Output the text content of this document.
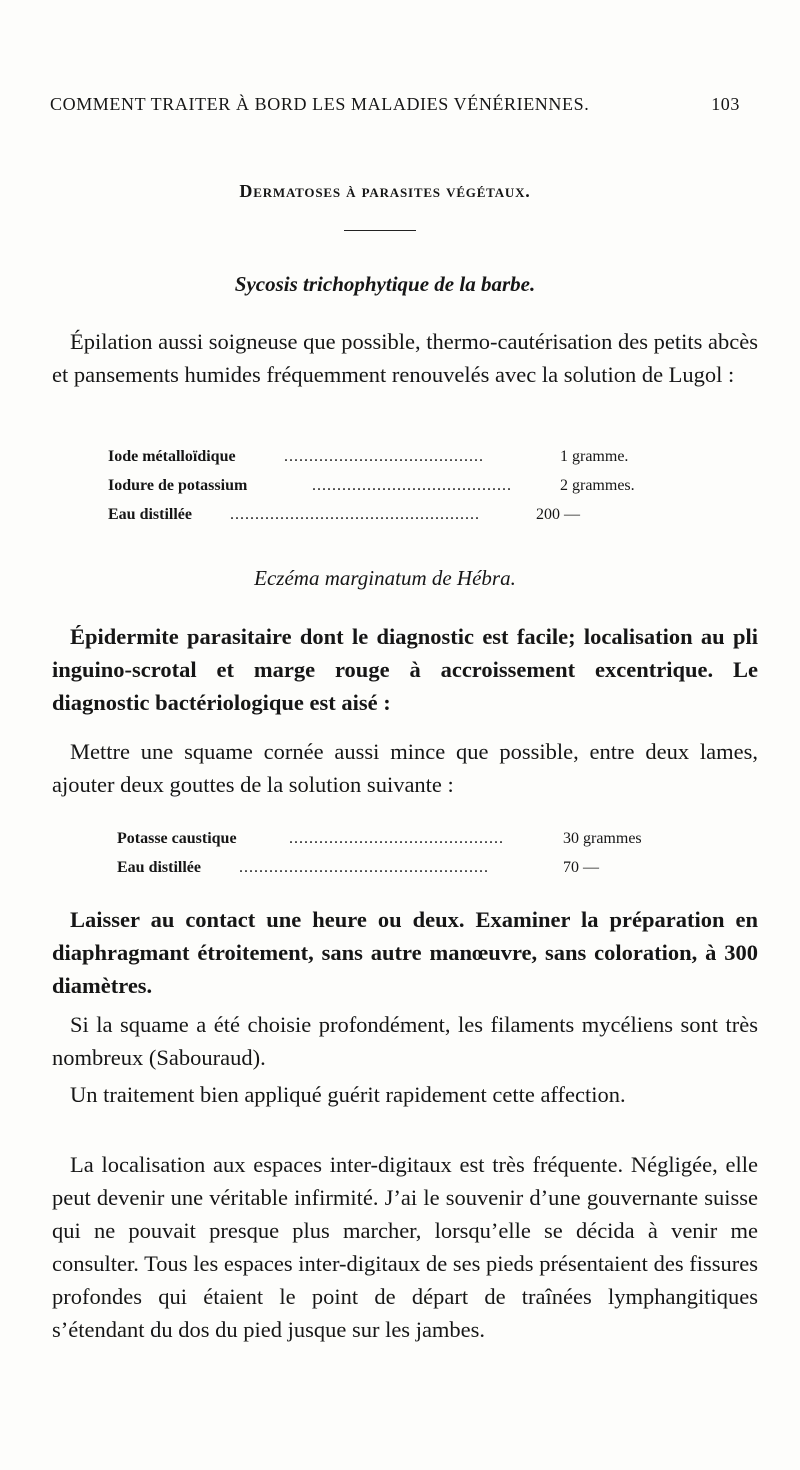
COMMENT TRAITER À BORD LES MALADIES VÉNÉRIENNES.	103
Dermatoses à parasites végétaux.
Sycosis trichophytique de la barbe.
Épilation aussi soigneuse que possible, thermo-cautérisation des petits abcès et pansements humides fréquemment renouvelés avec la solution de Lugol :
Iode métalloïdique	........................................	1 gramme.
Iodure de potassium	........................................	2 grammes.
Eau distillée ..................................................	200 —
Eczéma marginatum de Hébra.
Épidermite parasitaire dont le diagnostic est facile; localisation au pli inguino-scrotal et marge rouge à accroissement excentrique. Le diagnostic bactériologique est aisé :
Mettre une squame cornée aussi mince que possible, entre deux lames, ajouter deux gouttes de la solution suivante :
Potasse caustique	...........................................	30 grammes
Eau distillée ..................................................	70 —
Laisser au contact une heure ou deux. Examiner la préparation en diaphragmant étroitement, sans autre manœuvre, sans coloration, à 300 diamètres.
Si la squame a été choisie profondément, les filaments mycéliens sont très nombreux (Sabouraud).
Un traitement bien appliqué guérit rapidement cette affection.
La localisation aux espaces inter-digitaux est très fréquente. Négligée, elle peut devenir une véritable infirmité. J’ai le souvenir d’une gouvernante suisse qui ne pouvait presque plus marcher, lorsqu’elle se décida à venir me consulter. Tous les espaces inter-digitaux de ses pieds présentaient des fissures profondes qui étaient le point de départ de traînées lymphangitiques s’étendant du dos du pied jusque sur les jambes.
